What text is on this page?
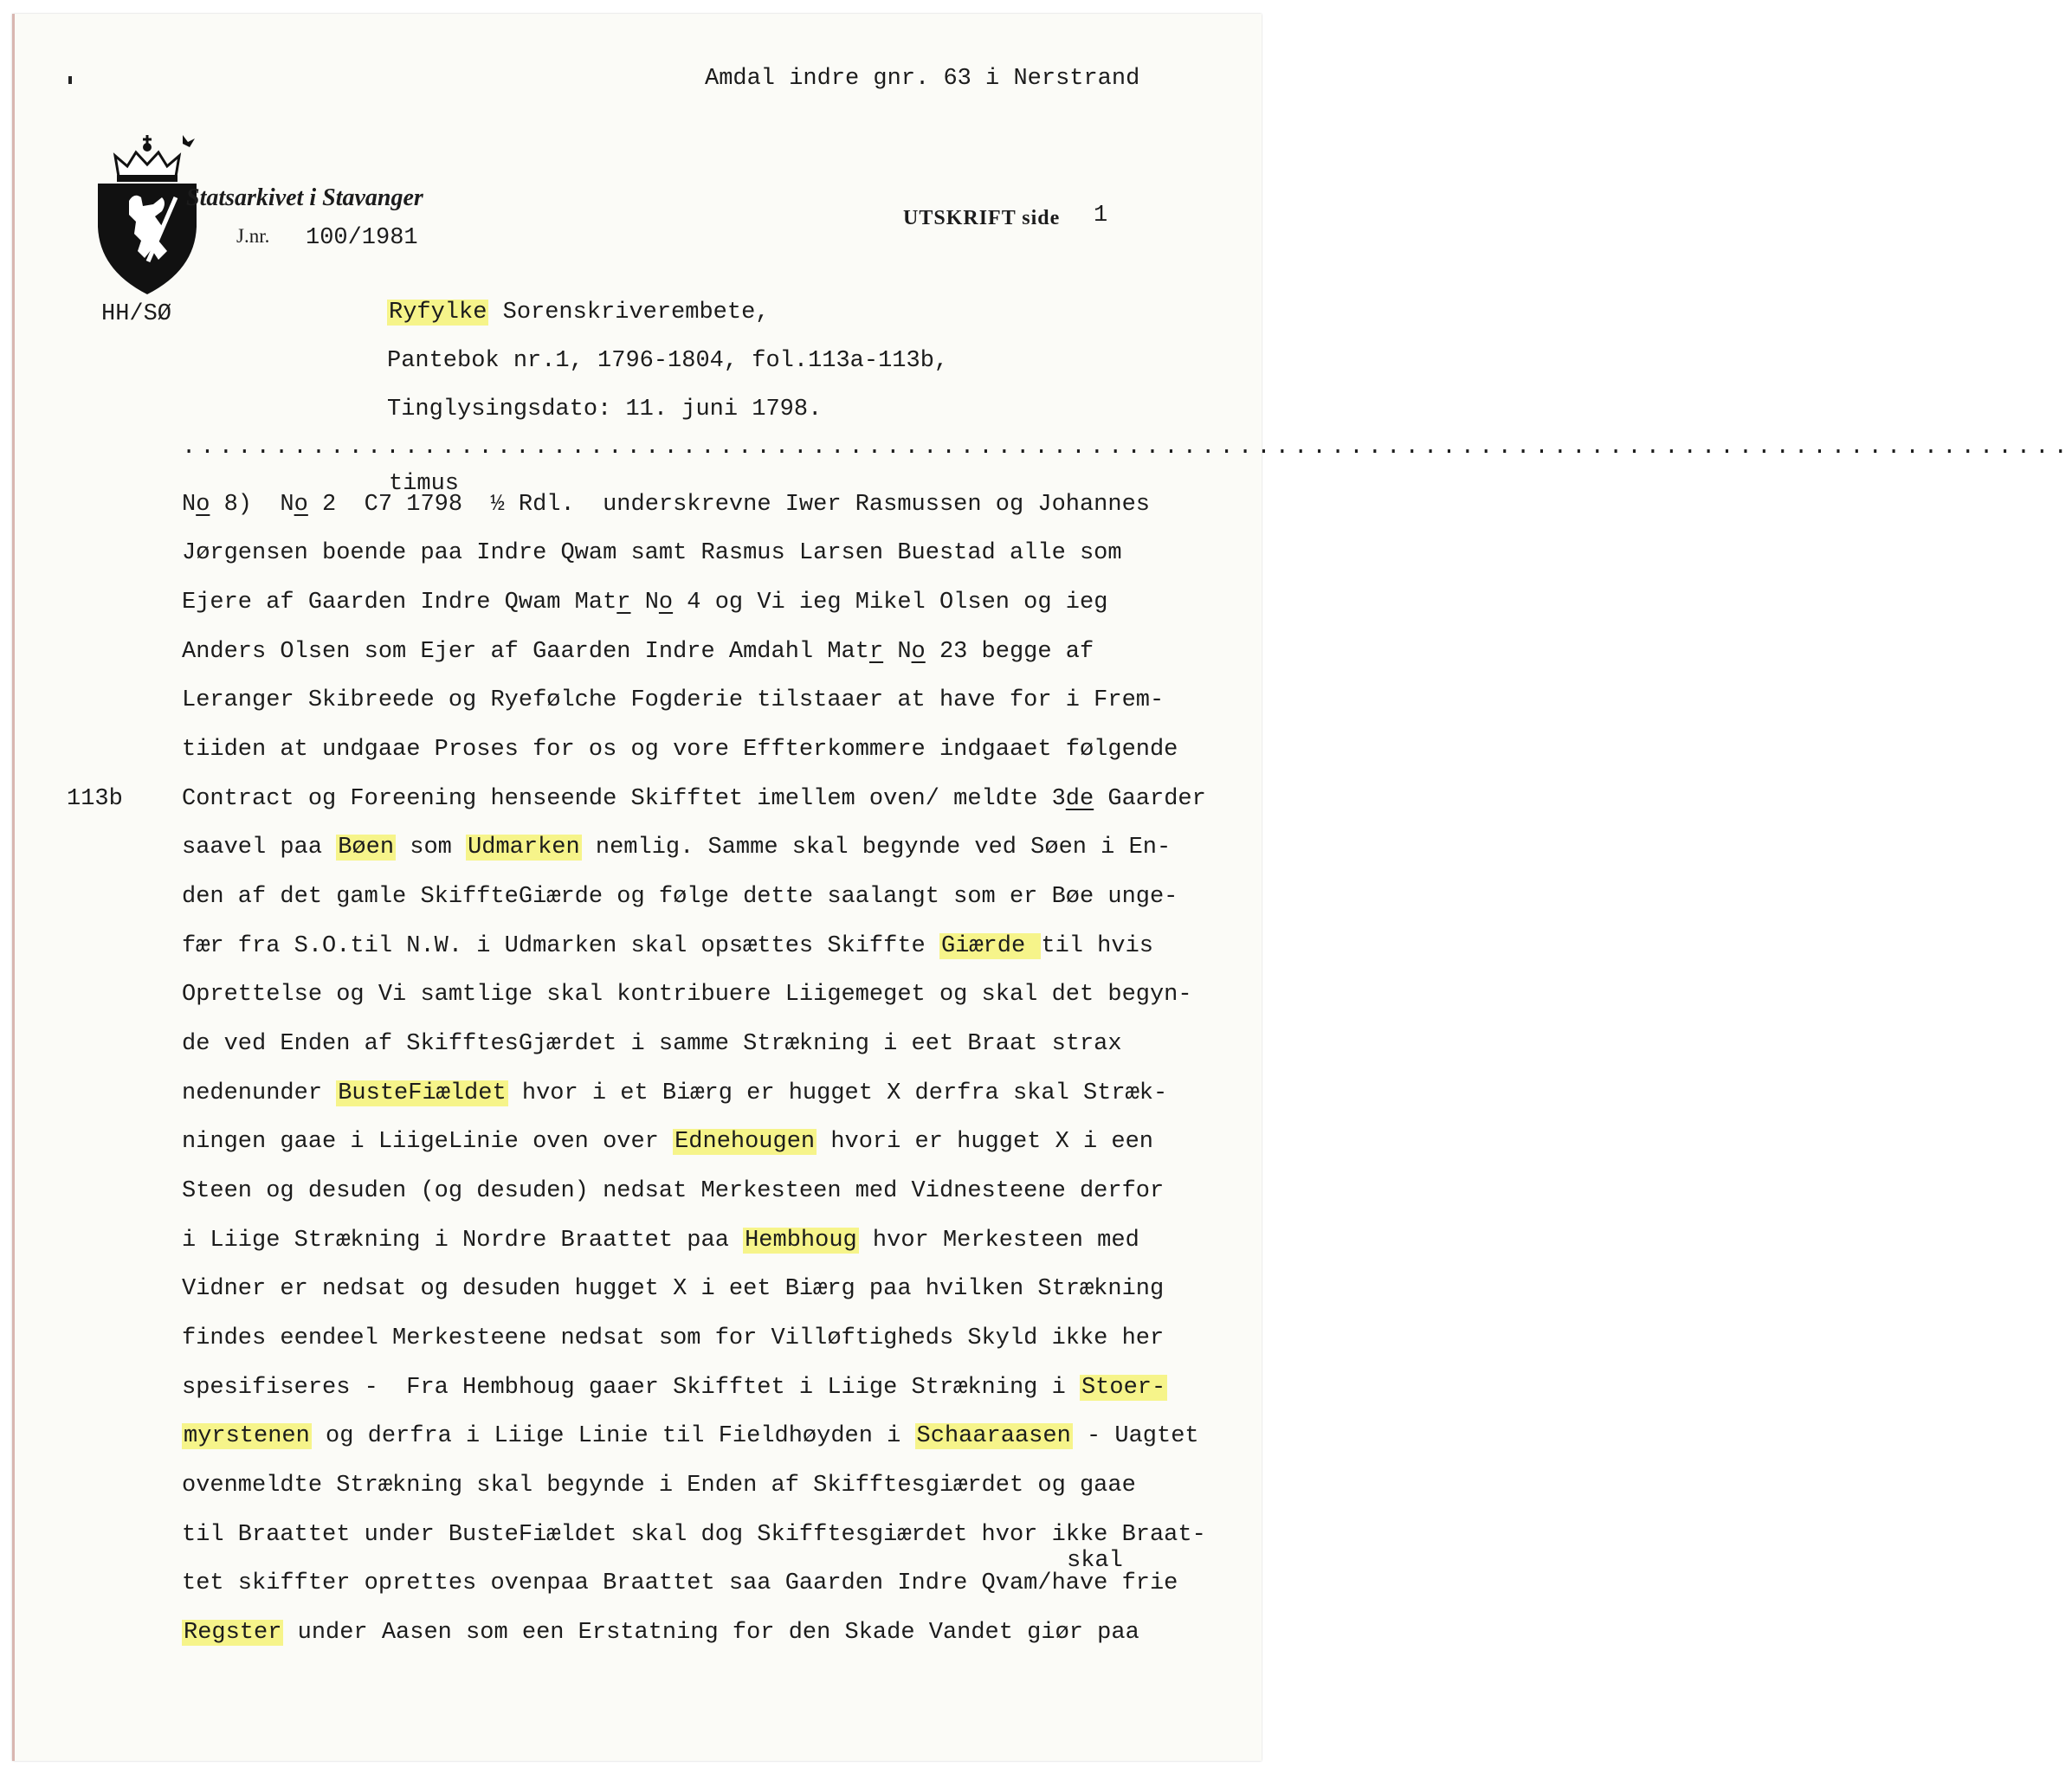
Amdal indre gnr. 63 i Nerstrand
Statsarkivet i Stavanger
J.nr. 100/1981
UTSKRIFT side 1
HH/SØ	Ryfylke Sorenskriverembete,
Pantebok nr.1, 1796-1804, fol.113a-113b,
Tinglysingsdato: 11. juni 1798.
......................................................................................................
timus
No 8)  No 2  C7 1798  ½ Rdl.  underskrevne Iwer Rasmussen og Johannes
Jørgensen boende paa Indre Qwam samt Rasmus Larsen Buestad alle som
Ejere af Gaarden Indre Qwam Matr No 4 og Vi ieg Mikel Olsen og ieg
Anders Olsen som Ejer af Gaarden Indre Amdahl Matr No 23 begge af
Leranger Skibreede og Ryefølche Fogderie tilstaaer at have for i Frem-
tiiden at undgaae Proses for os og vore Effterkommere indgaaet følgende
113b	Contract og Foreening henseende Skifftet imellem oven/ meldte 3de Gaarder
saavel paa Bøen som Udmarken nemlig. Samme skal begynde ved Søen i En-
den af det gamle SkiffteGiærde og følge dette saalangt som er Bøe unge-
fær fra S.O.til N.W. i Udmarken skal opsættes Skiffte Giærde til hvis
Oprettelse og Vi samtlige skal kontribuere Liigemeget og skal det begyn-
de ved Enden af SkifftesGjærdet i samme Strækning i eet Braat strax
nedenunder BusteFiældet hvor i et Biærg er hugget X derfra skal Stræk-
ningen gaae i LiigeLinie oven over Ednehougen hvori er hugget X i een
Steen og desuden (og desuden) nedsat Merkesteen med Vidnesteene derfor
i Liige Strækning i Nordre Braattet paa Hembhoug hvor Merkesteen med
Vidner er nedsat og desuden hugget X i eet Biærg paa hvilken Strækning
findes eendeel Merkesteene nedsat som for Villøftigheds Skyld ikke her
spesifiseres -  Fra Hembhoug gaaer Skifftet i Liige Strækning i Stoer-
myrstenen og derfra i Liige Linie til Fieldhøyden i Schaaraasen - Uagtet
ovenmeldte Strækning skal begynde i Enden af Skifftesgiærdet og gaae
til Braattet under BusteFiældet skal dog Skifftesgiærdet hvor ikke Braat-
skal
tet skiffter oprettes ovenpaa Braattet saa Gaarden Indre Qvam/have frie
Regster under Aasen som een Erstatning for den Skade Vandet giør paa
